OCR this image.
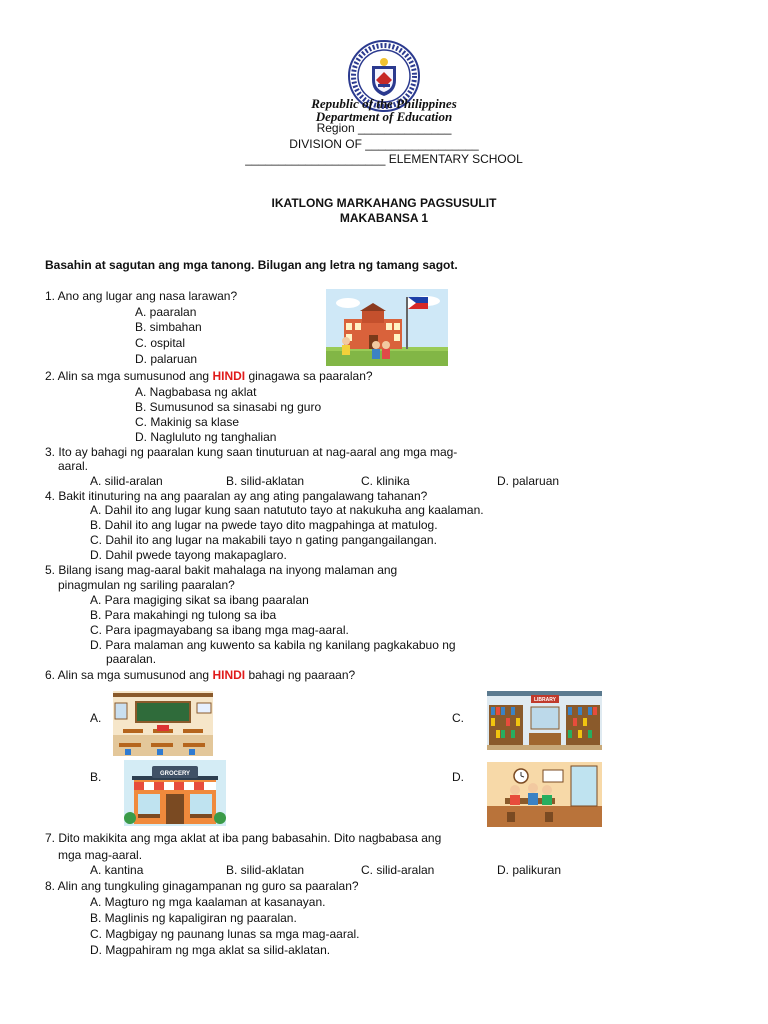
Republic of the Philippines
Department of Education
Region ______________
DIVISION OF _________________
_____________________ ELEMENTARY SCHOOL
IKATLONG MARKAHANG PAGSUSULIT
MAKABANSA 1
Basahin at sagutan ang mga tanong. Bilugan ang letra ng tamang sagot.
1. Ano ang lugar ang nasa larawan?
A. paaralan
B. simbahan
C. ospital
D. palaruan
2. Alin sa mga sumusunod ang HINDI ginagawa sa paaralan?
A. Nagbabasa ng aklat
B. Sumusunod sa sinasabi ng guro
C. Makinig sa klase
D. Nagluluto ng tanghalian
3. Ito ay bahagi ng paaralan kung saan tinuturuan at nag-aaral ang mga mag-
aaral.
A. silid-aralan	B. silid-aklatan	C. klinika	D. palaruan
4. Bakit itinuturing na ang paaralan ay ang ating pangalawang tahanan?
A. Dahil ito ang lugar kung saan natututo tayo at nakukuha ang kaalaman.
B. Dahil ito ang lugar na pwede tayo dito magpahinga at matulog.
C. Dahil ito ang lugar na makabili tayo n gating pangangailangan.
D. Dahil pwede tayong makapaglaro.
5. Bilang isang mag-aaral bakit mahalaga na inyong malaman ang
pinagmulan ng sariling paaralan?
A. Para magiging sikat sa ibang paaralan
B. Para makahingi ng tulong sa iba
C. Para ipagmayabang sa ibang mga mag-aaral.
D. Para malaman ang kuwento sa kabila ng kanilang pagkakabuo ng
paaralan.
6. Alin sa mga sumusunod ang HINDI bahagi ng paaraan?
A.
B.
C.
D.
GROCERY
LIBRARY
7. Dito makikita ang mga aklat at iba pang babasahin. Dito nagbabasa ang
mga mag-aaral.
A. kantina	B. silid-aklatan	C. silid-aralan	D. palikuran
8. Alin ang tungkuling ginagampanan ng guro sa paaralan?
A. Magturo ng mga kaalaman at kasanayan.
B. Maglinis ng kapaligiran ng paaralan.
C. Magbigay ng paunang lunas sa mga mag-aaral.
D. Magpahiram ng mga aklat sa silid-aklatan.
